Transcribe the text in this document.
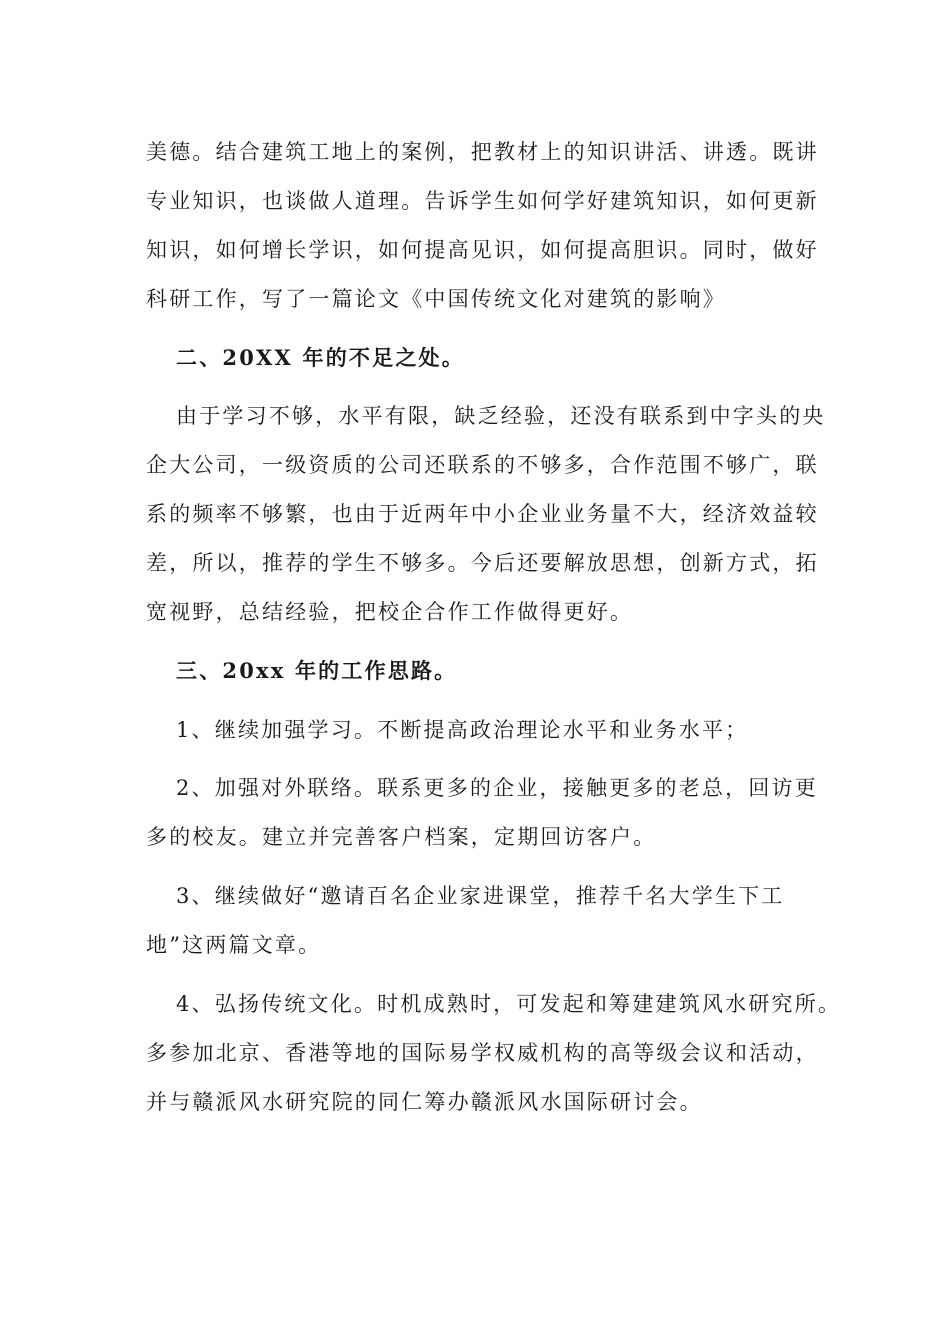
美德。结合建筑工地上的案例，把教材上的知识讲活、讲透。既讲
专业知识，也谈做人道理。告诉学生如何学好建筑知识，如何更新
知识，如何增长学识，如何提高见识，如何提高胆识。同时，做好
科研工作，写了一篇论文《中国传统文化对建筑的影响》
二、20XX 年的不足之处。
由于学习不够，水平有限，缺乏经验，还没有联系到中字头的央
企大公司，一级资质的公司还联系的不够多，合作范围不够广，联
系的频率不够繁，也由于近两年中小企业业务量不大，经济效益较
差，所以，推荐的学生不够多。今后还要解放思想，创新方式，拓
宽视野，总结经验，把校企合作工作做得更好。
三、20xx 年的工作思路。
1、继续加强学习。不断提高政治理论水平和业务水平；
2、加强对外联络。联系更多的企业，接触更多的老总，回访更
多的校友。建立并完善客户档案，定期回访客户。
3、继续做好“邀请百名企业家进课堂，推荐千名大学生下工
地”这两篇文章。
4、弘扬传统文化。时机成熟时，可发起和筹建建筑风水研究所。
多参加北京、香港等地的国际易学权威机构的高等级会议和活动，
并与赣派风水研究院的同仁筹办赣派风水国际研讨会。
